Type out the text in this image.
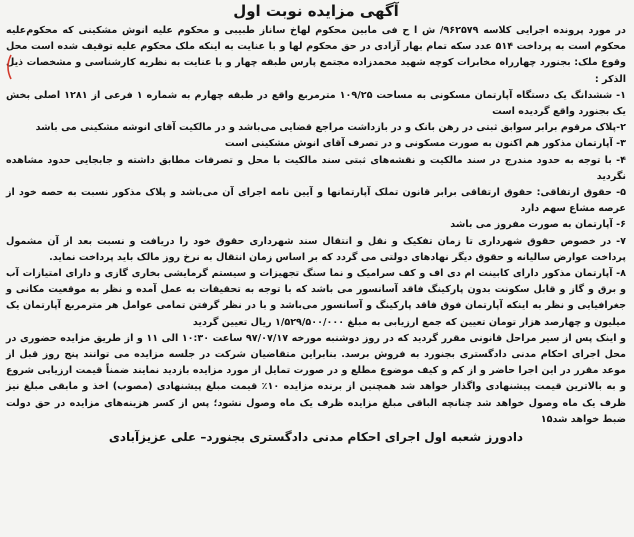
آگهی مزایده نوبت اول

در مورد پرونده اجرایی کلاسه ۹۶۲۵۷۹/ ش ا ح فی مابین محکوم لهاخ ساناز طبیبی و محکوم علیه انوش مشکینی که محکوم‌علیه محکوم است به پرداخت ۵۱۴ عدد سکه تمام بهار آزادی در حق محکوم لها و با عنایت به اینکه ملک محکوم علیه توقیف شده است محل وقوع ملک: بجنورد چهارراه مخابرات کوچه شهید محمدزاده مجتمع پارس طبقه چهار و با عنایت به نظریه کارشناسی و مشخصات ذیل الذکر :

۱- ششدانگ یک دستگاه آپارتمان مسکونی به مساحت ۱۰۹/۲۵ مترمربع واقع در طبقه چهارم به شماره ۱ فرعی از ۱۲۸۱ اصلی بخش یک بجنورد واقع گردیده است

۲-پلاک مرقوم برابر سوابق ثبتی در رهن بانک و در بازداشت مراجع قضایی می‌باشد و در مالکیت آقای انوشه مشکینی می باشد

۳- آپارتمان مذکور هم اکنون به صورت مسکونی و در تصرف آقای انوش مشکینی است

۴- با توجه به حدود مندرج در سند مالکیت و نقشه‌های ثبتی سند مالکیت با محل و تصرفات مطابق داشته و جابجایی حدود مشاهده نگردید

۵- حقوق ارتفاقی: حقوق ارتفاقی برابر قانون تملک آپارتمانها و آیین نامه اجرای آن می‌باشد و پلاک مذکور نسبت به حصه خود از عرصه مشاع سهم دارد

۶- آپارتمان به صورت مفروز می باشد

۷- در خصوص حقوق شهرداری تا زمان تفکیک و نقل و انتقال سند شهرداری حقوق خود را دریافت و نسبت بعد از آن مشمول پرداخت عوارض سالیانه و حقوق دیگر نهادهای دولتی می گردد که بر اساس زمان انتقال به نرخ روز مالک باید پرداخت نماید.

۸- آپارتمان مذکور دارای کابینت ام دی اف و کف سرامیک و نما سنگ تجهیزات و سیستم گرمایشی بخاری گازی و دارای امتیازات آب و برق و گاز و قابل سکونت بدون پارکینگ فاقد آسانسور می باشد که با توجه به تحقیقات به عمل آمده و نظر به موقعیت مکانی و جغرافیایی و نظر به اینکه آپارتمان فوق فاقد پارکینگ و آسانسور می‌باشد و با در نظر گرفتن تمامی عوامل هر مترمربع آپارتمان یک میلیون و چهارصد هزار تومان تعیین که جمع ارزیابی به مبلغ ۱/۵۲۹/۵۰۰/۰۰۰ ریال تعیین گردید

و اینک پس از سیر مراحل قانونی مقرر گردید که در روز دوشنبه مورخه ۹۷/۰۷/۱۷ ساعت ۱۰:۳۰ الی ۱۱ و از طریق مزایده حضوری در محل اجرای احکام مدنی دادگستری بجنورد به فروش برسد. بنابراین متقاضیان شرکت در جلسه مزایده می توانند پنج روز قبل از موعد مقرر در این اجرا حاضر و از کم و کیف موضوع مطلع و در صورت تمایل از مورد مزایده بازدید نمایند ضمناً قیمت ارزیابی شروع و به بالاترین قیمت پیشنهادی واگذار خواهد شد همچنین از برنده مزایده ۱۰٪ قیمت مبلغ پیشنهادی (مصوب) اخذ و مابقی مبلغ نیز ظرف یک ماه وصول خواهد شد چنانچه الباقی مبلغ مزایده ظرف یک ماه وصول نشود؛ پس از کسر هزینه‌های مزایده در حق دولت ضبط خواهد شد۱۵

دادورز شعبه اول اجرای احکام مدنی دادگستری بجنورد– علی عزیزآبادی
